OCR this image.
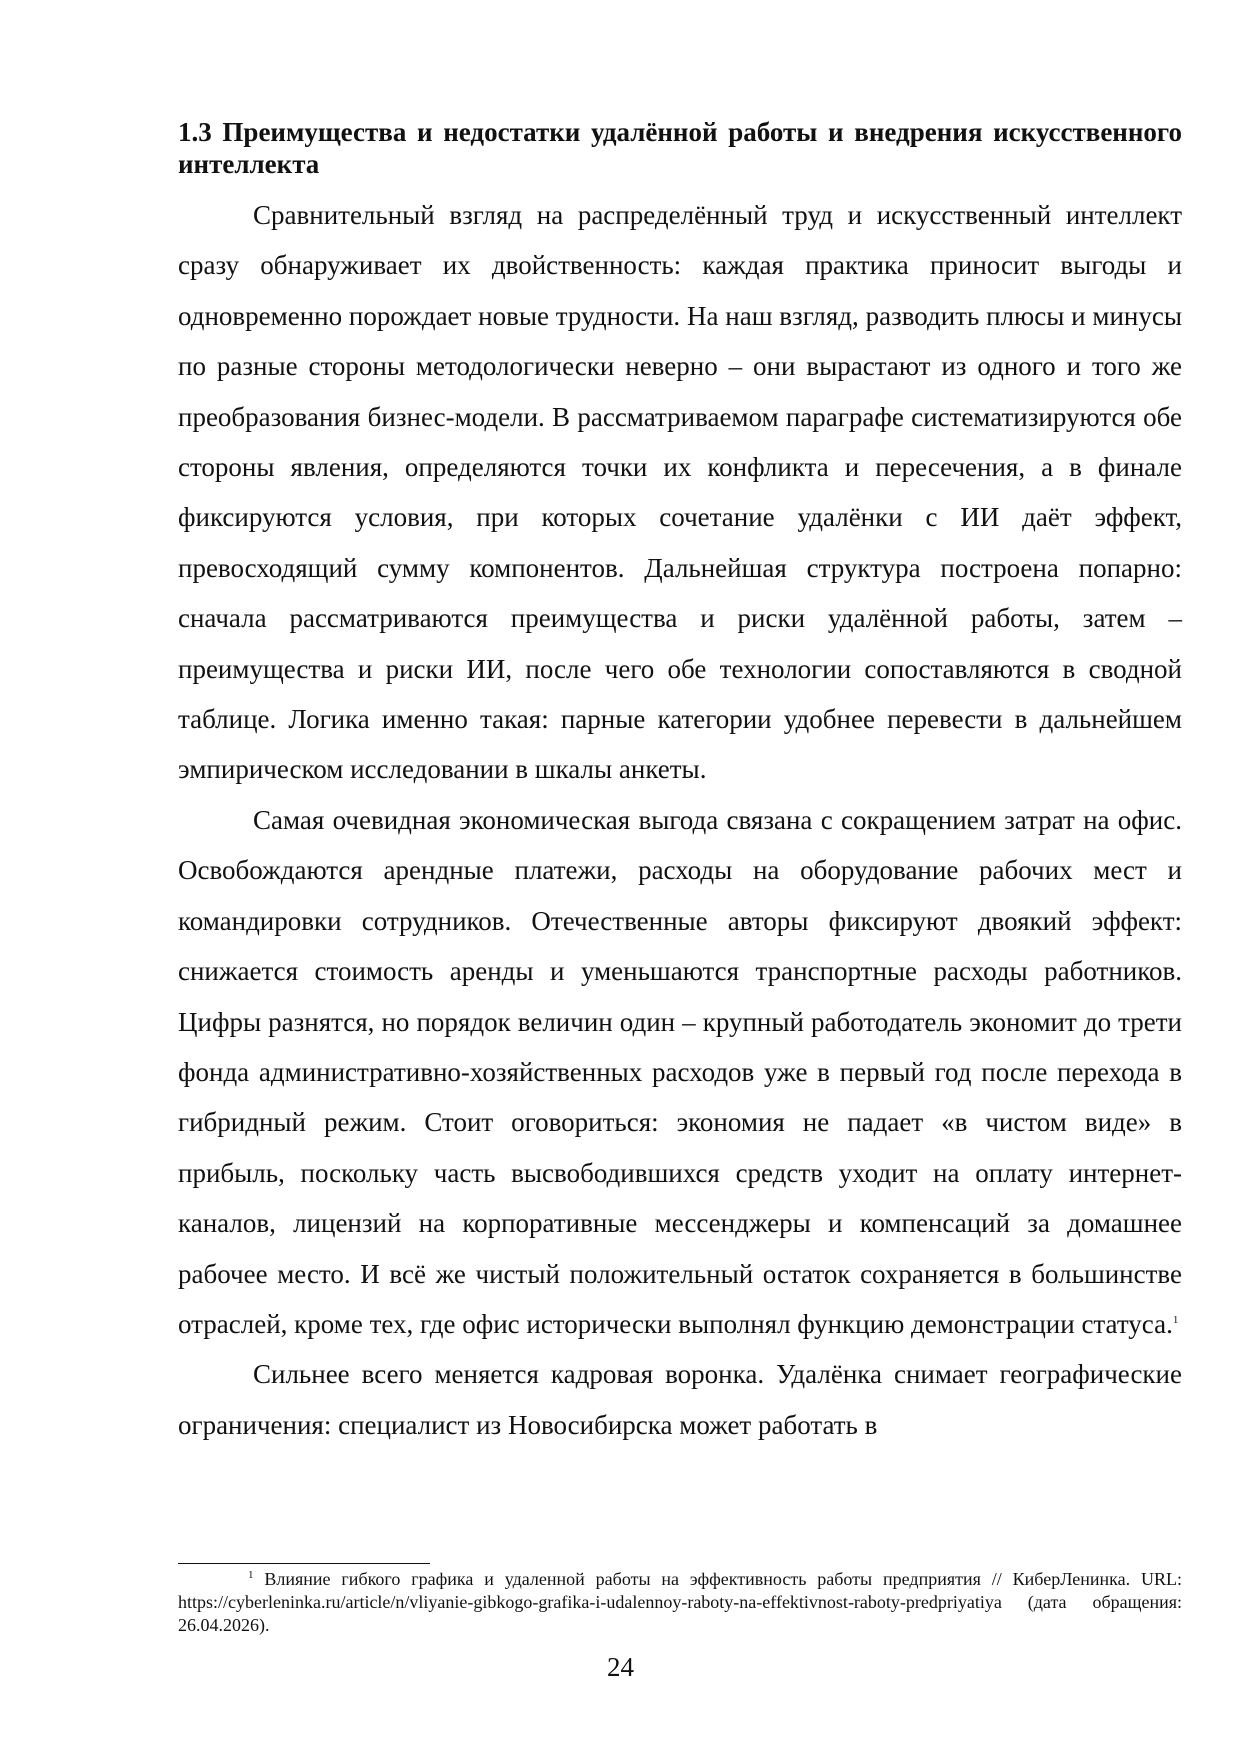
1.3 Преимущества и недостатки удалённой работы и внедрения искусственного интеллекта

Сравнительный взгляд на распределённый труд и искусственный интеллект сразу обнаруживает их двойственность: каждая практика приносит выгоды и одновременно порождает новые трудности. На наш взгляд, разводить плюсы и минусы по разные стороны методологически неверно – они вырастают из одного и того же преобразования бизнес-модели. В рассматриваемом параграфе систематизируются обе стороны явления, определяются точки их конфликта и пересечения, а в финале фиксируются условия, при которых сочетание удалёнки с ИИ даёт эффект, превосходящий сумму компонентов. Дальнейшая структура построена попарно: сначала рассматриваются преимущества и риски удалённой работы, затем – преимущества и риски ИИ, после чего обе технологии сопоставляются в сводной таблице. Логика именно такая: парные категории удобнее перевести в дальнейшем эмпирическом исследовании в шкалы анкеты.

Самая очевидная экономическая выгода связана с сокращением затрат на офис. Освобождаются арендные платежи, расходы на оборудование рабочих мест и командировки сотрудников. Отечественные авторы фиксируют двоякий эффект: снижается стоимость аренды и уменьшаются транспортные расходы работников. Цифры разнятся, но порядок величин один – крупный работодатель экономит до трети фонда административно-хозяйственных расходов уже в первый год после перехода в гибридный режим. Стоит оговориться: экономия не падает «в чистом виде» в прибыль, поскольку часть высвободившихся средств уходит на оплату интернет-каналов, лицензий на корпоративные мессенджеры и компенсаций за домашнее рабочее место. И всё же чистый положительный остаток сохраняется в большинстве отраслей, кроме тех, где офис исторически выполнял функцию демонстрации статуса.$^1$

Сильнее всего меняется кадровая воронка. Удалёнка снимает географические ограничения: специалист из Новосибирска может работать в

$^1$ Влияние гибкого графика и удаленной работы на эффективность работы предприятия // КиберЛенинка. URL: https://cyberleninka.ru/article/n/vliyanie-gibkogo-grafika-i-udalennoy-raboty-na-effektivnost-raboty-predpriyatiya (дата обращения: 26.04.2026).

24
